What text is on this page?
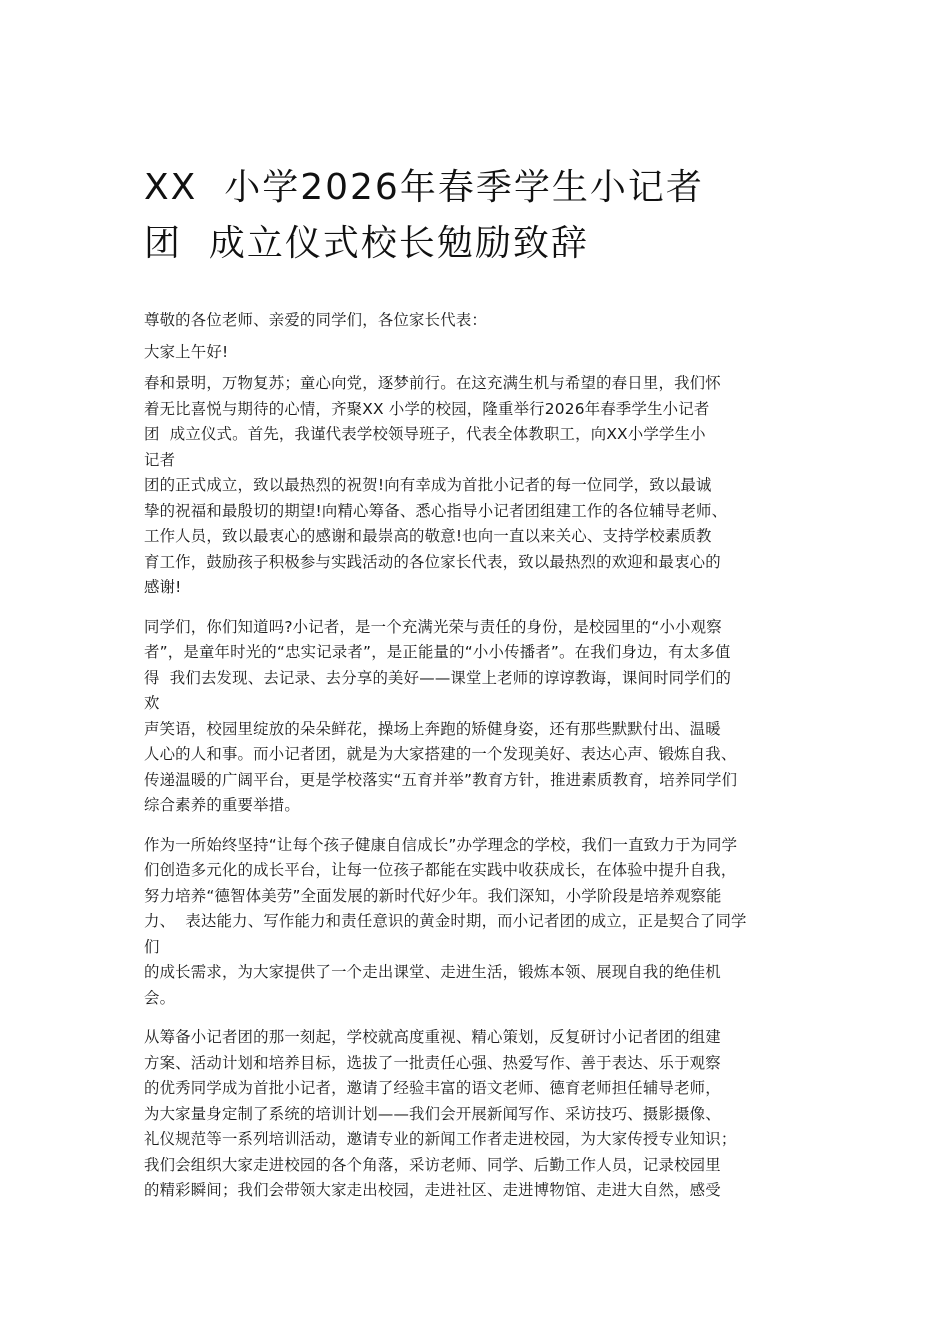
XX  小学2026年春季学生小记者
团  成立仪式校长勉励致辞
尊敬的各位老师、亲爱的同学们，各位家长代表：
大家上午好!
春和景明，万物复苏；童心向党，逐梦前行。在这充满生机与希望的春日里，我们怀
着无比喜悦与期待的心情，齐聚XX 小学的校园，隆重举行2026年春季学生小记者
团  成立仪式。首先，我谨代表学校领导班子，代表全体教职工，向XX小学学生小
记者
团的正式成立，致以最热烈的祝贺!向有幸成为首批小记者的每一位同学，致以最诚
挚的祝福和最殷切的期望!向精心筹备、悉心指导小记者团组建工作的各位辅导老师、
工作人员，致以最衷心的感谢和最崇高的敬意!也向一直以来关心、支持学校素质教
育工作，鼓励孩子积极参与实践活动的各位家长代表，致以最热烈的欢迎和最衷心的
感谢!
同学们，你们知道吗?小记者，是一个充满光荣与责任的身份，是校园里的“小小观察
者”，是童年时光的“忠实记录者”，是正能量的“小小传播者”。在我们身边，有太多值
得  我们去发现、去记录、去分享的美好——课堂上老师的谆谆教诲，课间时同学们的
欢
声笑语，校园里绽放的朵朵鲜花，操场上奔跑的矫健身姿，还有那些默默付出、温暖
人心的人和事。而小记者团，就是为大家搭建的一个发现美好、表达心声、锻炼自我、
传递温暖的广阔平台，更是学校落实“五育并举”教育方针，推进素质教育，培养同学们
综合素养的重要举措。
作为一所始终坚持“让每个孩子健康自信成长”办学理念的学校，我们一直致力于为同学
们创造多元化的成长平台，让每一位孩子都能在实践中收获成长，在体验中提升自我，
努力培养“德智体美劳”全面发展的新时代好少年。我们深知，小学阶段是培养观察能
力、  表达能力、写作能力和责任意识的黄金时期，而小记者团的成立，正是契合了同学
们
的成长需求，为大家提供了一个走出课堂、走进生活，锻炼本领、展现自我的绝佳机
会。
从筹备小记者团的那一刻起，学校就高度重视、精心策划，反复研讨小记者团的组建
方案、活动计划和培养目标，选拔了一批责任心强、热爱写作、善于表达、乐于观察
的优秀同学成为首批小记者，邀请了经验丰富的语文老师、德育老师担任辅导老师，
为大家量身定制了系统的培训计划——我们会开展新闻写作、采访技巧、摄影摄像、
礼仪规范等一系列培训活动，邀请专业的新闻工作者走进校园，为大家传授专业知识；
我们会组织大家走进校园的各个角落，采访老师、同学、后勤工作人员，记录校园里
的精彩瞬间；我们会带领大家走出校园，走进社区、走进博物馆、走进大自然，感受
